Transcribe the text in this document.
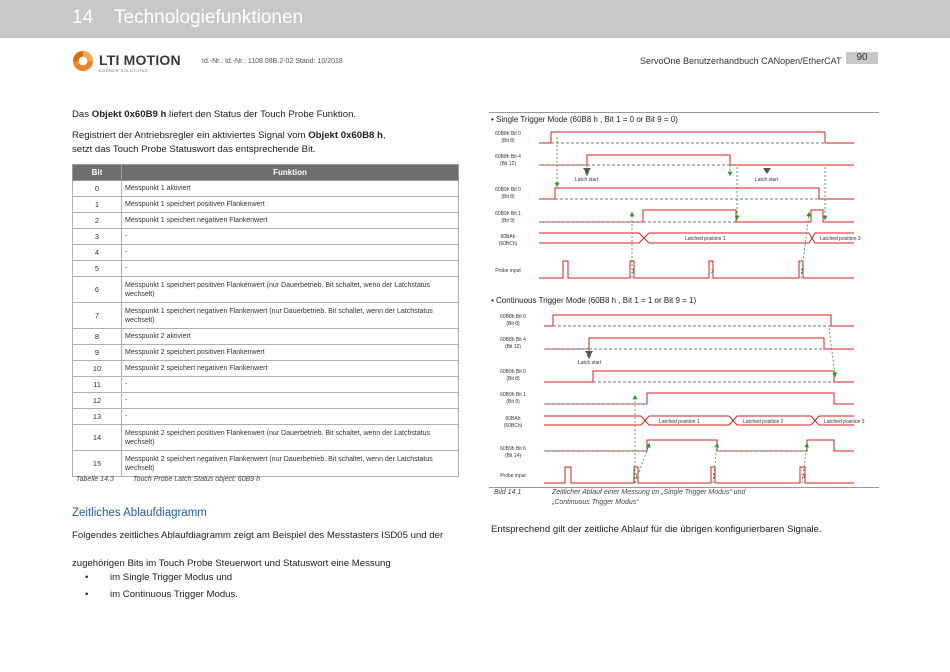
14 Technologiefunktionen
LTI MOTION
KÖRBER SOLUTIONS
Id.-Nr.: Id.-Nr.: 1108.08B.2-02 Stand: 10/2018	ServoOne Benutzerhandbuch CANopen/EtherCAT	90
Das Objekt 0x60B9 h liefert den Status der Touch Probe Funktion.
Registriert der Antriebsregler ein aktiviertes Signal vom Objekt 0x60B8 h,
setzt das Touch Probe Statuswort das entsprechende Bit.
Bit	Funktion
0	Messpunkt 1 aktiviert
1	Messpunkt 1 speichert positiven Flankenwert
2	Messpunkt 1 speichert negativen Flankenwert
3	-
4	-
5	-
6	Messpunkt 1 speichert positiven Flankenwert (nur Dauerbetrieb. Bit schaltet, wenn der Latchstatus wechselt)
7	Messpunkt 1 speichert negativen Flankenwert (nur Dauerbetrieb. Bit schaltet, wenn der Latchstatus wechselt)
8	Messpunkt 2 aktiviert
9	Messpunkt 2 speichert positiven Flankenwert
10	Messpunkt 2 speichert negativen Flankenwert
11	-
12	-
13	-
14	Messpunkt 2 speichert positiven Flankenwert (nur Dauerbetrieb. Bit schaltet, wenn der Latchstatus wechselt)
15	Messpunkt 2 speichert negativen Flankenwert (nur Dauerbetrieb. Bit schaltet, wenn der Latchstatus wechselt)
Tabelle 14.3	Touch Probe Latch Status object: 60B9 h
Zeitliches Ablaufdiagramm
Folgendes zeitliches Ablaufdiagramm zeigt am Beispiel des Messtasters ISD05 und der
zugehörigen Bits im Touch Probe Steuerwort und Statuswort eine Messung
• im Single Trigger Modus und
• im Continuous Trigger Modus.
• Single Trigger Mode (60B8 h , Bit 1 = 0 or Bit 9 = 0)
60B8h Bit 0
(Bit 8)
60B8h Bit 4
(Bit 12)
60B9h Bit 0
(Bit 8)
60B9h Bit 1
(Bit 9)
60BAh
(60BCh)
Probe input
Latch start	Latch start
Latched position 1	Latched position 3
1	2	3
• Continuous Trigger Mode (60B8 h , Bit 1 = 1 or Bit 9 = 1)
60B8h Bit 0
(Bit 8)
60B8h Bit 4
(Bit 12)
60B9h Bit 0
(Bit 8)
60B9h Bit 1
(Bit 9)
60BAh
(60BCh)
60B9h Bit 6
(Bit 14)
Probe input
Latch start
Latched position 1	Latched position 2	Latched position 3
1	2	3
Bild 14.1	Zeitlicher Ablauf einer Messung im „Single Trigger Modus“ und
„Continuous Trigger Modus“
Entsprechend gilt der zeitliche Ablauf für die übrigen konfigurierbaren Signale.
